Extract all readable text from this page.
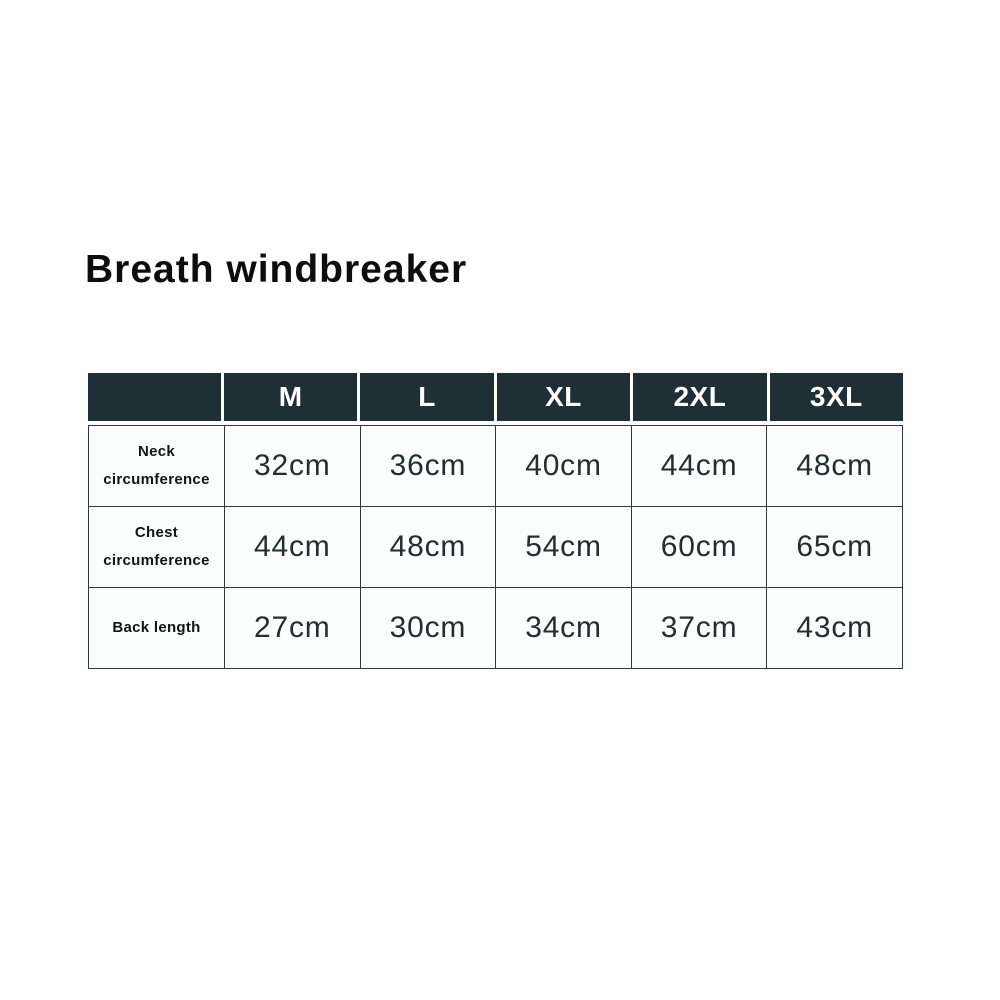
Breath windbreaker
M	L	XL	2XL	3XL
Neck circumference	32cm	36cm	40cm	44cm	48cm
Chest circumference	44cm	48cm	54cm	60cm	65cm
Back length	27cm	30cm	34cm	37cm	43cm
